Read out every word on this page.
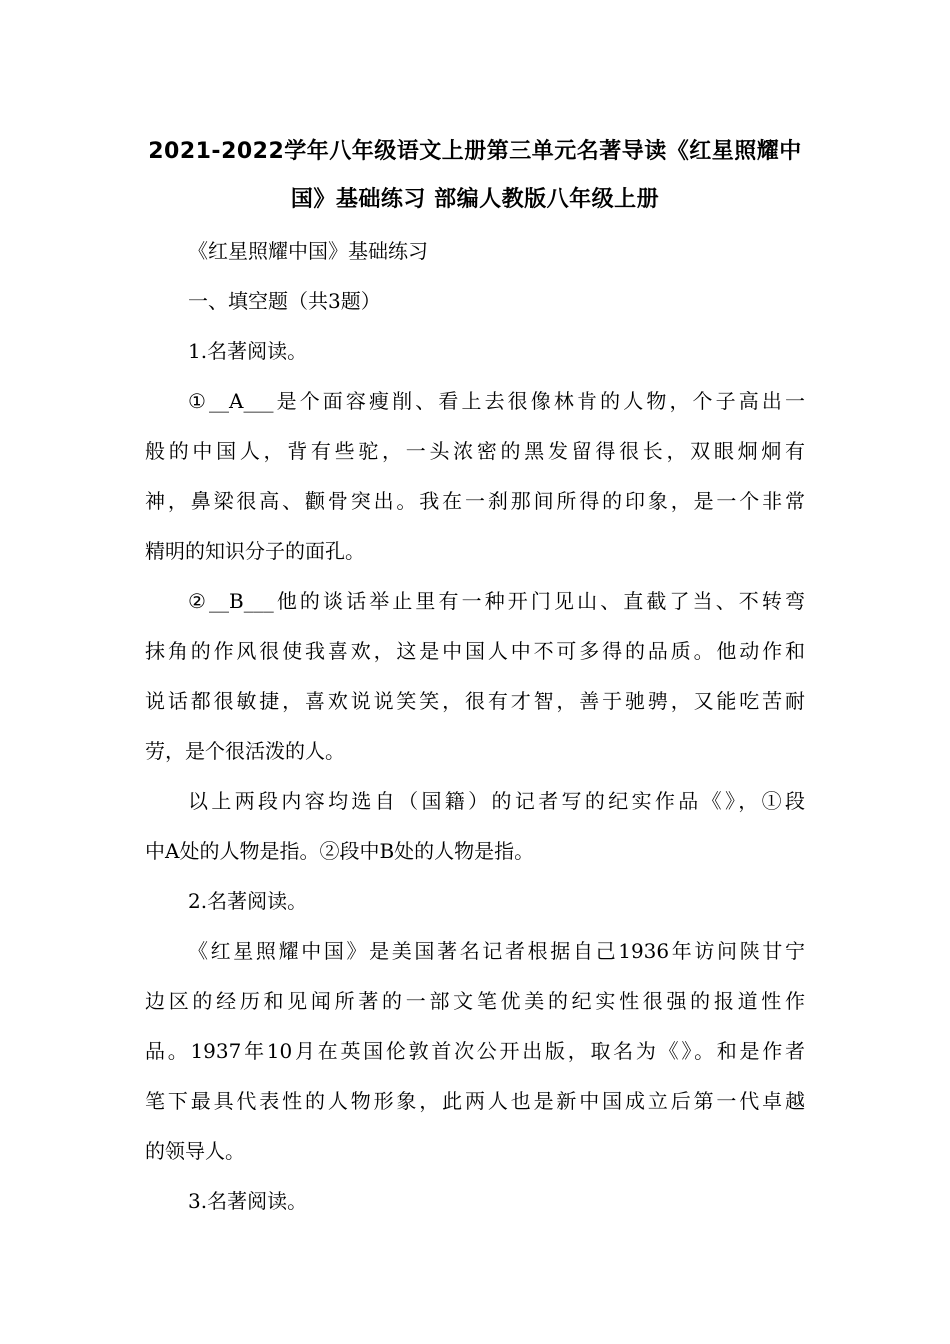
2021-2022学年八年级语文上册第三单元名著导读《红星照耀中
国》基础练习 部编人教版八年级上册
《红星照耀中国》基础练习
一、填空题（共3题）
1.名著阅读。
①__A___是个面容瘦削、看上去很像林肯的人物，个子高出一
般的中国人，背有些驼，一头浓密的黑发留得很长，双眼炯炯有
神，鼻梁很高、颧骨突出。我在一刹那间所得的印象，是一个非常
精明的知识分子的面孔。
②__B___他的谈话举止里有一种开门见山、直截了当、不转弯
抹角的作风很使我喜欢，这是中国人中不可多得的品质。他动作和
说话都很敏捷，喜欢说说笑笑，很有才智，善于驰骋，又能吃苦耐
劳，是个很活泼的人。
以上两段内容均选自（国籍）的记者写的纪实作品《》，①段
中A处的人物是指。②段中B处的人物是指。
2.名著阅读。
《红星照耀中国》是美国著名记者根据自己1936年访问陕甘宁
边区的经历和见闻所著的一部文笔优美的纪实性很强的报道性作
品。1937年10月在英国伦敦首次公开出版，取名为《》。和是作者
笔下最具代表性的人物形象，此两人也是新中国成立后第一代卓越
的领导人。
3.名著阅读。
